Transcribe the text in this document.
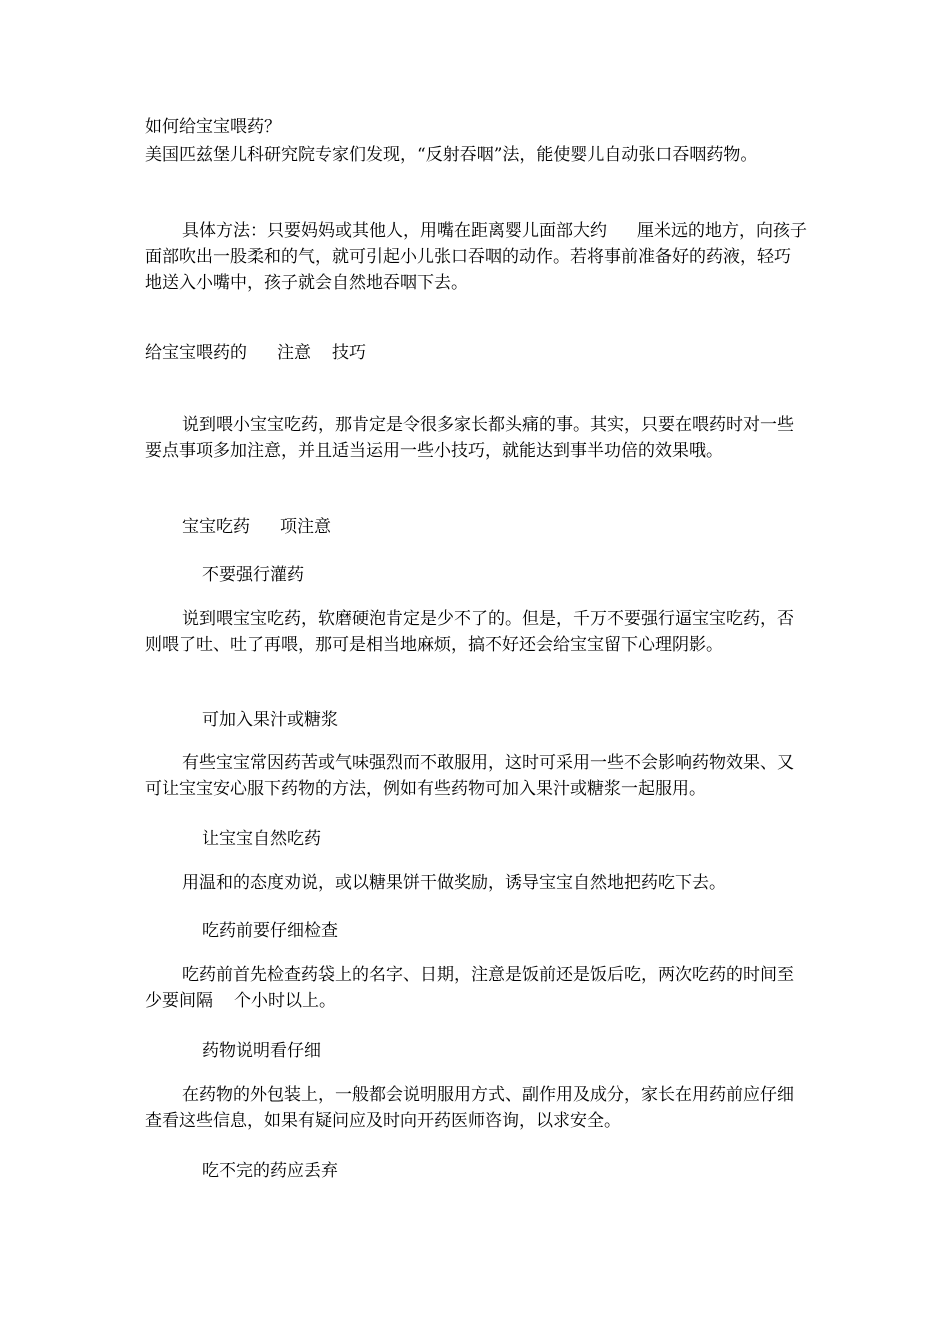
如何给宝宝喂药？

美国匹兹堡儿科研究院专家们发现，“反射吞咽”法，能使婴儿自动张口吞咽药物。

具体方法：只要妈妈或其他人，用嘴在距离婴儿面部大约 厘米远的地方，向孩子面部吹出一股柔和的气，就可引起小儿张口吞咽的动作。若将事前准备好的药液，轻巧地送入小嘴中，孩子就会自然地吞咽下去。

给宝宝喂药的 注意 技巧

说到喂小宝宝吃药，那肯定是令很多家长都头痛的事。其实，只要在喂药时对一些要点事项多加注意，并且适当运用一些小技巧，就能达到事半功倍的效果哦。

宝宝吃药 项注意

不要强行灌药

说到喂宝宝吃药，软磨硬泡肯定是少不了的。但是，千万不要强行逼宝宝吃药，否则喂了吐、吐了再喂，那可是相当地麻烦，搞不好还会给宝宝留下心理阴影。

可加入果汁或糖浆

有些宝宝常因药苦或气味强烈而不敢服用，这时可采用一些不会影响药物效果、又可让宝宝安心服下药物的方法，例如有些药物可加入果汁或糖浆一起服用。

让宝宝自然吃药

用温和的态度劝说，或以糖果饼干做奖励，诱导宝宝自然地把药吃下去。

吃药前要仔细检查

吃药前首先检查药袋上的名字、日期，注意是饭前还是饭后吃，两次吃药的时间至少要间隔 个小时以上。

药物说明看仔细

在药物的外包装上，一般都会说明服用方式、副作用及成分，家长在用药前应仔细查看这些信息，如果有疑问应及时向开药医师咨询，以求安全。

吃不完的药应丢弃
